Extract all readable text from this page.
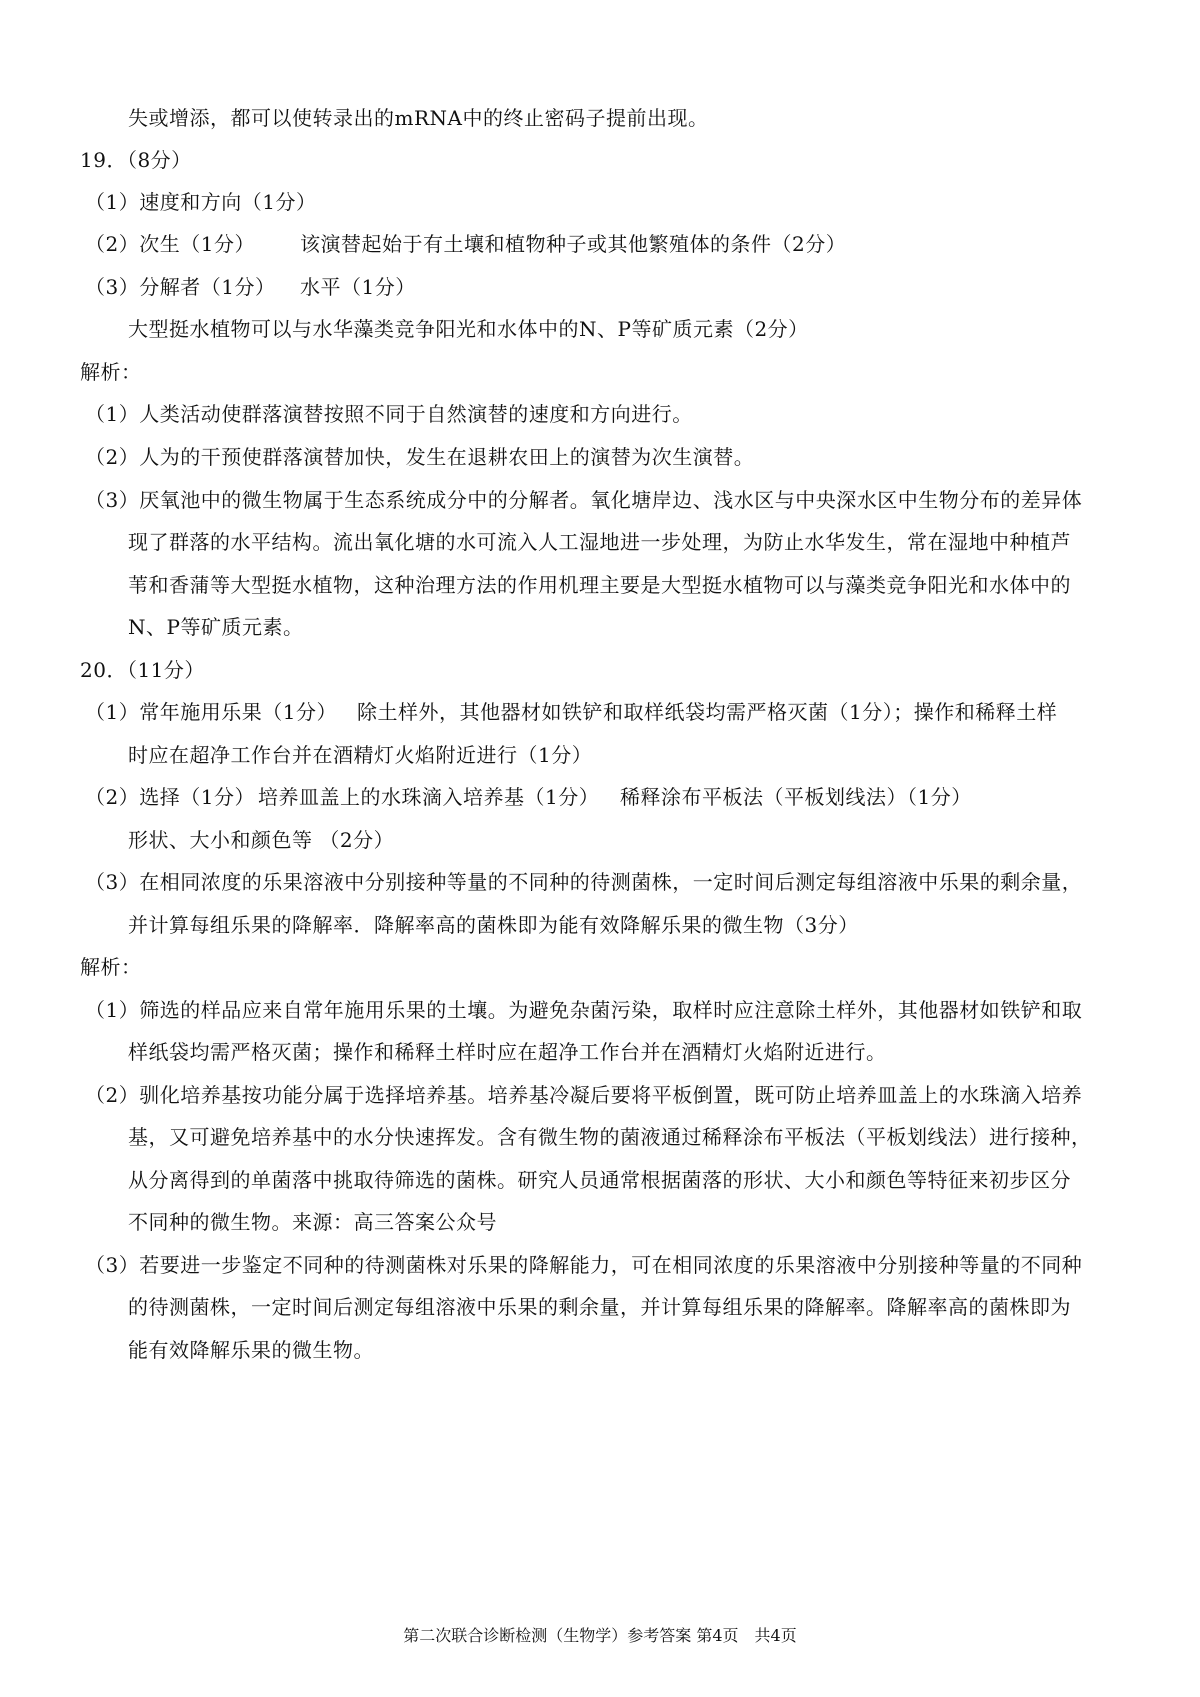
失或增添，都可以使转录出的mRNA中的终止密码子提前出现。
19．（8分）
（1）速度和方向（1分）
（2）次生（1分） 该演替起始于有土壤和植物种子或其他繁殖体的条件（2分）
（3）分解者（1分） 水平（1分）
大型挺水植物可以与水华藻类竞争阳光和水体中的N、P等矿质元素（2分）
解析：
（1）人类活动使群落演替按照不同于自然演替的速度和方向进行。
（2）人为的干预使群落演替加快，发生在退耕农田上的演替为次生演替。
（3）厌氧池中的微生物属于生态系统成分中的分解者。氧化塘岸边、浅水区与中央深水区中生物分布的差异体
现了群落的水平结构。流出氧化塘的水可流入人工湿地进一步处理，为防止水华发生，常在湿地中种植芦
苇和香蒲等大型挺水植物，这种治理方法的作用机理主要是大型挺水植物可以与藻类竞争阳光和水体中的
N、P等矿质元素。
20．（11分）
（1）常年施用乐果（1分） 除土样外，其他器材如铁铲和取样纸袋均需严格灭菌（1分）；操作和稀释土样
时应在超净工作台并在酒精灯火焰附近进行（1分）
（2）选择（1分） 培养皿盖上的水珠滴入培养基（1分） 稀释涂布平板法（平板划线法）（1分）
形状、大小和颜色等 （2分）
（3）在相同浓度的乐果溶液中分别接种等量的不同种的待测菌株，一定时间后测定每组溶液中乐果的剩余量，
并计算每组乐果的降解率．降解率高的菌株即为能有效降解乐果的微生物（3分）
解析：
（1）筛选的样品应来自常年施用乐果的土壤。为避免杂菌污染，取样时应注意除土样外，其他器材如铁铲和取
样纸袋均需严格灭菌；操作和稀释土样时应在超净工作台并在酒精灯火焰附近进行。
（2）驯化培养基按功能分属于选择培养基。培养基冷凝后要将平板倒置，既可防止培养皿盖上的水珠滴入培养
基，又可避免培养基中的水分快速挥发。含有微生物的菌液通过稀释涂布平板法（平板划线法）进行接种，
从分离得到的单菌落中挑取待筛选的菌株。研究人员通常根据菌落的形状、大小和颜色等特征来初步区分
不同种的微生物。来源：高三答案公众号
（3）若要进一步鉴定不同种的待测菌株对乐果的降解能力，可在相同浓度的乐果溶液中分别接种等量的不同种
的待测菌株，一定时间后测定每组溶液中乐果的剩余量，并计算每组乐果的降解率。降解率高的菌株即为
能有效降解乐果的微生物。
第二次联合诊断检测（生物学）参考答案 第4页　共4页
